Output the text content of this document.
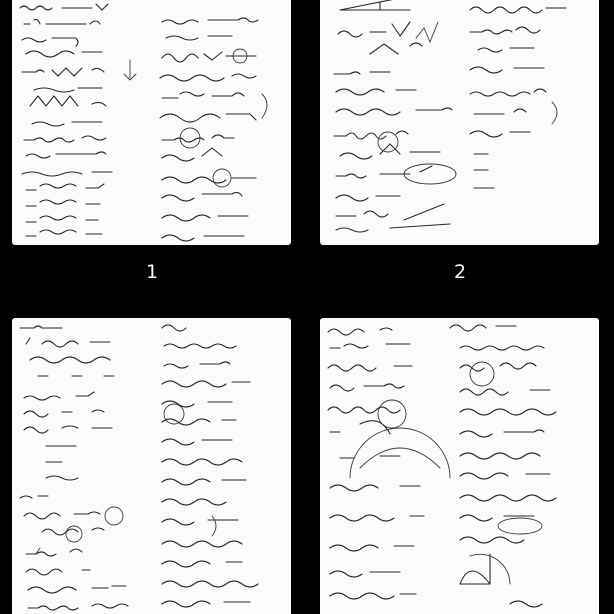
1	2
